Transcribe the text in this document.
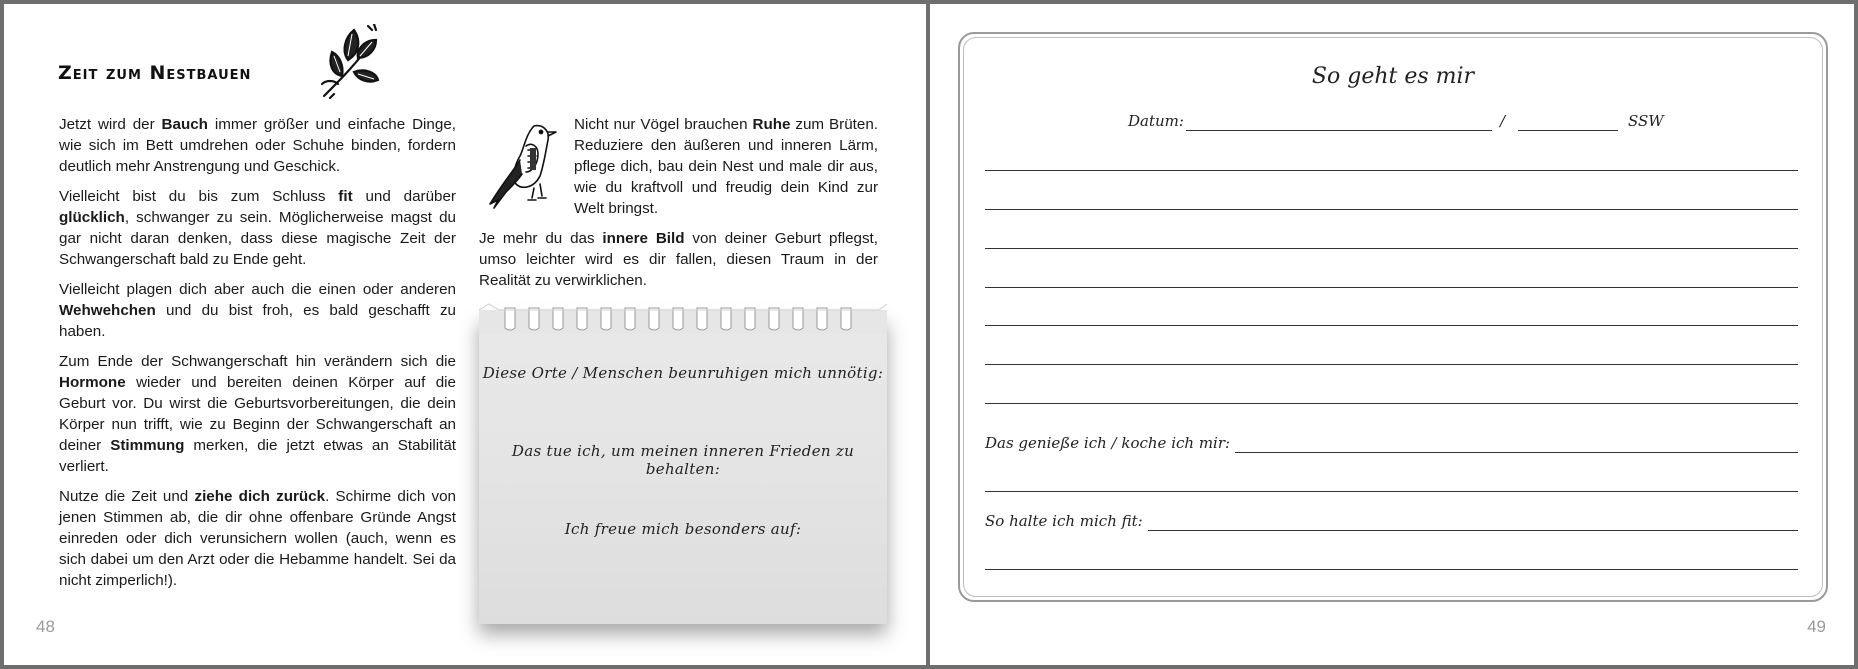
Zeit zum Nestbauen

Jetzt wird der Bauch immer größer und einfache Dinge, wie sich im Bett umdrehen oder Schuhe binden, fordern deutlich mehr Anstrengung und Geschick.

Vielleicht bist du bis zum Schluss fit und darüber glücklich, schwanger zu sein. Möglicherweise magst du gar nicht daran denken, dass diese magische Zeit der Schwangerschaft bald zu Ende geht.

Vielleicht plagen dich aber auch die einen oder anderen Wehwehchen und du bist froh, es bald geschafft zu haben.

Zum Ende der Schwangerschaft hin verändern sich die Hormone wieder und bereiten deinen Körper auf die Geburt vor. Du wirst die Geburtsvorbereitungen, die dein Körper nun trifft, wie zu Beginn der Schwangerschaft an deiner Stimmung merken, die jetzt etwas an Stabilität verliert.

Nutze die Zeit und ziehe dich zurück. Schirme dich von jenen Stimmen ab, die dir ohne offenbare Gründe Angst einreden oder dich verunsichern wollen (auch, wenn es sich dabei um den Arzt oder die Hebamme handelt. Sei da nicht zimperlich!).

Nicht nur Vögel brauchen Ruhe zum Brüten. Reduziere den äußeren und inneren Lärm, pflege dich, bau dein Nest und male dir aus, wie du kraftvoll und freudig dein Kind zur Welt bringst.

Je mehr du das innere Bild von deiner Geburt pflegst, umso leichter wird es dir fallen, diesen Traum in der Realität zu verwirklichen.

Diese Orte / Menschen beunruhigen mich unnötig:
Das tue ich, um meinen inneren Frieden zu behalten:
Ich freue mich besonders auf:
48
So geht es mir
Datum:	/	SSW
Das genieße ich / koche ich mir:
So halte ich mich fit:
49
